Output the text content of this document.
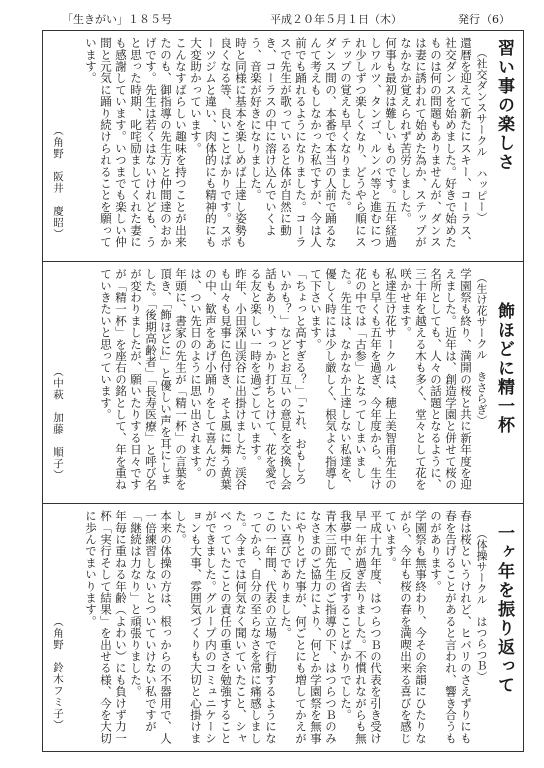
「生きがい」１８５号	平成２０年５月１日（木）	発行 （6）
習い事の楽しさ
（社交ダンスサークル　ハッピー）
還暦を迎えて新たにスキー、コーラス、社交ダンスを始めました。好きで始めたものは何の問題もありませんが、ダンスは妻に誘われて始めた為か、ステップがなかなか覚えられず苦労しました。
何事も最初は難しいものです。五年経過しワルツ、タンゴ、ルンバ等と進むにつれ少しずつ楽しくなり、どうやら順にステップの覚えも早くなりました。
ダンス間の、本番で本当の人前で踊るなんて考えもしなかった私ですが、今は人前でも踊れるようになりました。コーラスで先生が歌っていると体が自然に動き、コーラスの中に溶け込んでいくよう、音楽が好きになりました。
時と同様に基本を楽しめば上達し姿勢も良くなる等、良いことばかりです。スポーツジムと違い、肉体的にも精神的にも大変助かっています。
こんなすばらしい趣味を持つことが出来たのも、御指導の先生方と仲間達のおかげです。先生は若くはないけれども、うと思った時期、叱咤励ましてくれた妻にも感謝しています。いつまでも楽しい仲間と元気に踊り続けられることを願っています。
（角野　阪井　慶昭）
飾ほどに精一杯
（生け花サークル　きさらぎ）
学園祭も終り、満開の桜と共に新年度を迎えました。近年は、創造学園と併せて桜の名所としても、人々の話題となるように、三十年を越える木も多く、堂々として花を咲かせます。
私達生け花サークルは、穂上美智甫先生のもと早くも五年を過ぎ、今年度から、生け花の中では「古参」となってしまいました。先生は、なかなか上達しない私達を、優しく時には少し厳しく、根気よく指導して下さいます。
「ちょっと高すぎる？」「これ、おもしろいかも？」などとお互いの意見を交換し会話もあり、すっかり打ちとけて、花を愛でる友と楽しい一時を過ごしています。
昨年、小田深山渓谷に出掛けました。渓谷も山々も見事に色付き、そよ風に舞う黄葉の中、歓声をあげ小踊りをして喜んだのは、つい先日のように思い出されます。
年頭に、書家の先生が「精一杯」の言葉を頂き、「飾ほどに」と優しい声を耳にしました。「後期高齢者」「長寿医療」と呼び名が変わりましたが、願いたりする日々ですが「精一杯」を座右の銘として、年を重ねていきたいと思っています。
（中萩　加藤　順子）
一ヶ年を振り返って
（体操サークル　はつらつＢ）
春は桜というけれど、ヒバリのさえずりにも春を告げることがあると言われ、響き合うものがあります。
学園祭も無事終わり、今その余韻にひたりながら、今年も桜の春を満喫出来る喜びを感じています。
平成十九年度、はつらつＢの代表を引き受け早一年が過ぎ去りました。不慣れながらも無我夢中で、反省することばかりでした。
青木三郎先生のご指導の下、はつらつＢのみなさまのご協力により、何とか学園祭を無事にやりとげた事が、何ごとにも増してかえがたい喜びでありました。
この一年間、代表の立場で行動するようになってから、自分の至らなさを常に痛感しました。今までは何気なく聞いていたこと、シャベっていたことの責任の重さを勉強することができました。グループ内のコミュニケーションも大事、雰囲気づくりも大切と心掛けました。
本来の体操の方は、根っからの不器用で、人一倍練習しないとついていけない私ですが「継続は力なり」と頑張りました。
年毎に重ねる年齢（よわい）にも負けず力一杯「実行そして結果」を出せる様、今を大切に歩んでまいります。
（角野　鈴木フミ子）
